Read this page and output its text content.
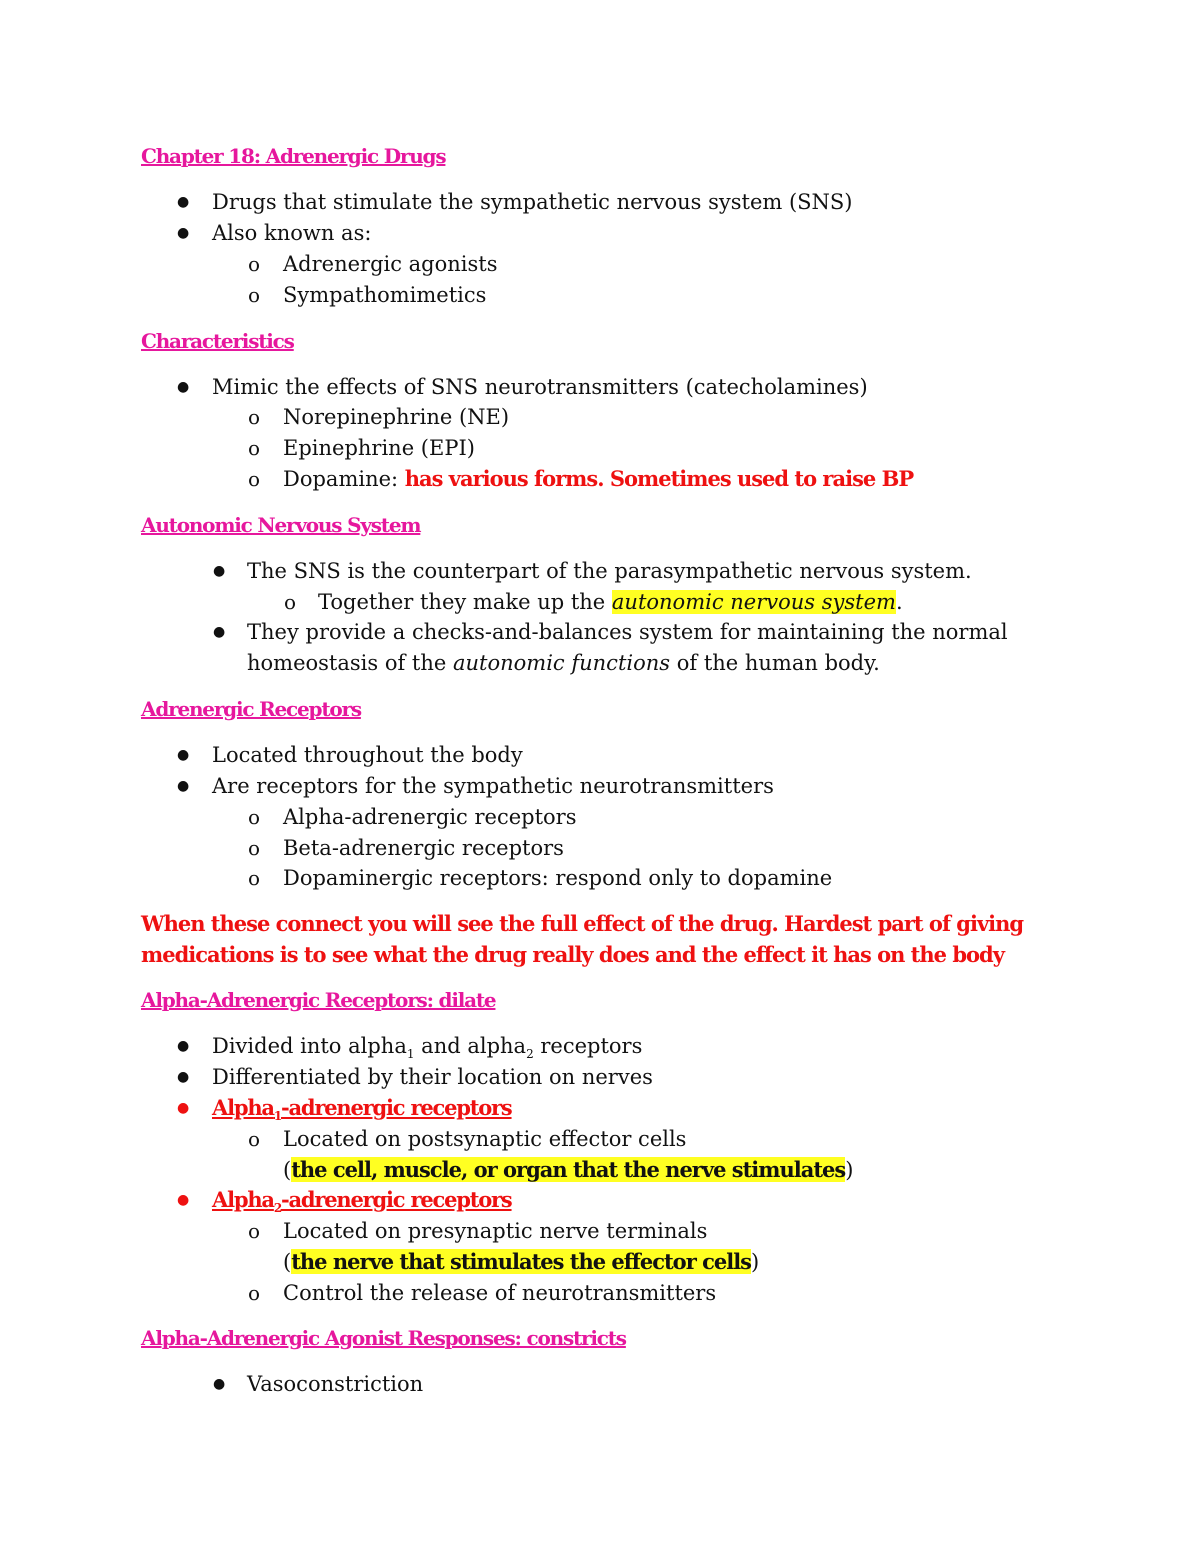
Chapter 18: Adrenergic Drugs
● Drugs that stimulate the sympathetic nervous system (SNS)
● Also known as:
o Adrenergic agonists
o Sympathomimetics
Characteristics
● Mimic the effects of SNS neurotransmitters (catecholamines)
o Norepinephrine (NE)
o Epinephrine (EPI)
o Dopamine: has various forms. Sometimes used to raise BP
Autonomic Nervous System
● The SNS is the counterpart of the parasympathetic nervous system.
o Together they make up the autonomic nervous system.
● They provide a checks-and-balances system for maintaining the normal
homeostasis of the autonomic functions of the human body.
Adrenergic Receptors
● Located throughout the body
● Are receptors for the sympathetic neurotransmitters
o Alpha-adrenergic receptors
o Beta-adrenergic receptors
o Dopaminergic receptors: respond only to dopamine
When these connect you will see the full effect of the drug. Hardest part of giving
medications is to see what the drug really does and the effect it has on the body
Alpha-Adrenergic Receptors: dilate
● Divided into alpha$_1$ and alpha$_2$ receptors
● Differentiated by their location on nerves
● Alpha$_1$-adrenergic receptors
o Located on postsynaptic effector cells
(the cell, muscle, or organ that the nerve stimulates)
● Alpha$_2$-adrenergic receptors
o Located on presynaptic nerve terminals
(the nerve that stimulates the effector cells)
o Control the release of neurotransmitters
Alpha-Adrenergic Agonist Responses: constricts
● Vasoconstriction
